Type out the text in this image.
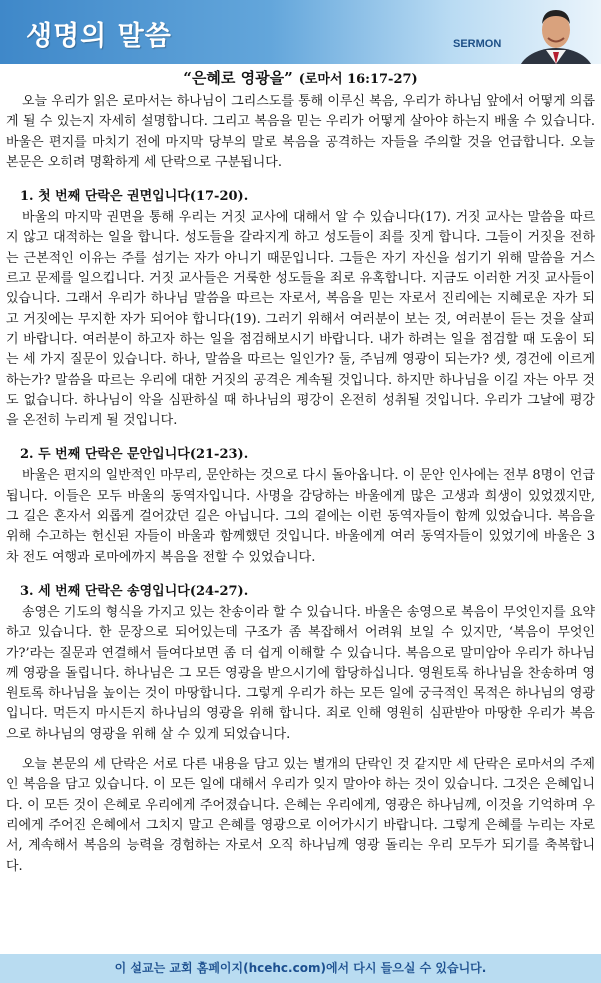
생명의 말씀	SERMON
“은혜로 영광을” (로마서 16:17-27)

오늘 우리가 읽은 로마서는 하나님이 그리스도를 통해 이루신 복음, 우리가 하나님 앞에서 어떻게 의롭게 될 수 있는지 자세히 설명합니다. 그리고 복음을 믿는 우리가 어떻게 살아야 하는지 배울 수 있습니다. 바울은 편지를 마치기 전에 마지막 당부의 말로 복음을 공격하는 자들을 주의할 것을 언급합니다. 오늘 본문은 오히려 명확하게 세 단락으로 구분됩니다.

1. 첫 번째 단락은 권면입니다(17-20).

바울의 마지막 권면을 통해 우리는 거짓 교사에 대해서 알 수 있습니다(17). 거짓 교사는 말씀을 따르지 않고 대적하는 일을 합니다. 성도들을 갈라지게 하고 성도들이 죄를 짓게 합니다. 그들이 거짓을 전하는 근본적인 이유는 주를 섬기는 자가 아니기 때문입니다. 그들은 자기 자신을 섬기기 위해 말씀을 거스르고 문제를 일으킵니다. 거짓 교사들은 거룩한 성도들을 죄로 유혹합니다. 지금도 이러한 거짓 교사들이 있습니다. 그래서 우리가 하나님 말씀을 따르는 자로서, 복음을 믿는 자로서 진리에는 지혜로운 자가 되고 거짓에는 무지한 자가 되어야 합니다(19). 그러기 위해서 여러분이 보는 것, 여러분이 듣는 것을 살피기 바랍니다. 여러분이 하고자 하는 일을 점검해보시기 바랍니다. 내가 하려는 일을 점검할 때 도움이 되는 세 가지 질문이 있습니다. 하나, 말씀을 따르는 일인가? 둘, 주님께 영광이 되는가? 셋, 경건에 이르게 하는가? 말씀을 따르는 우리에 대한 거짓의 공격은 계속될 것입니다. 하지만 하나님을 이길 자는 아무 것도 없습니다. 하나님이 악을 심판하실 때 하나님의 평강이 온전히 성취될 것입니다. 우리가 그날에 평강을 온전히 누리게 될 것입니다.

2. 두 번째 단락은 문안입니다(21-23).

바울은 편지의 일반적인 마무리, 문안하는 것으로 다시 돌아옵니다. 이 문안 인사에는 전부 8명이 언급됩니다. 이들은 모두 바울의 동역자입니다. 사명을 감당하는 바울에게 많은 고생과 희생이 있었겠지만, 그 길은 혼자서 외롭게 걸어갔던 길은 아닙니다. 그의 곁에는 이런 동역자들이 함께 있었습니다. 복음을 위해 수고하는 헌신된 자들이 바울과 함께했던 것입니다. 바울에게 여러 동역자들이 있었기에 바울은 3차 전도 여행과 로마에까지 복음을 전할 수 있었습니다.

3. 세 번째 단락은 송영입니다(24-27).

송영은 기도의 형식을 가지고 있는 찬송이라 할 수 있습니다. 바울은 송영으로 복음이 무엇인지를 요약하고 있습니다. 한 문장으로 되어있는데 구조가 좀 복잡해서 어려워 보일 수 있지만, ‘복음이 무엇인가?’라는 질문과 연결해서 들여다보면 좀 더 쉽게 이해할 수 있습니다. 복음으로 말미암아 우리가 하나님께 영광을 돌립니다. 하나님은 그 모든 영광을 받으시기에 합당하십니다. 영원토록 하나님을 찬송하며 영원토록 하나님을 높이는 것이 마땅합니다. 그렇게 우리가 하는 모든 일에 궁극적인 목적은 하나님의 영광입니다. 먹든지 마시든지 하나님의 영광을 위해 합니다. 죄로 인해 영원히 심판받아 마땅한 우리가 복음으로 하나님의 영광을 위해 살 수 있게 되었습니다.

오늘 본문의 세 단락은 서로 다른 내용을 담고 있는 별개의 단락인 것 같지만 세 단락은 로마서의 주제인 복음을 담고 있습니다. 이 모든 일에 대해서 우리가 잊지 말아야 하는 것이 있습니다. 그것은 은혜입니다. 이 모든 것이 은혜로 우리에게 주어졌습니다. 은혜는 우리에게, 영광은 하나님께, 이것을 기억하며 우리에게 주어진 은혜에서 그치지 말고 은혜를 영광으로 이어가시기 바랍니다. 그렇게 은혜를 누리는 자로서, 계속해서 복음의 능력을 경험하는 자로서 오직 하나님께 영광 돌리는 우리 모두가 되기를 축복합니다.

이 설교는 교회 홈페이지(hcehc.com)에서 다시 들으실 수 있습니다.
